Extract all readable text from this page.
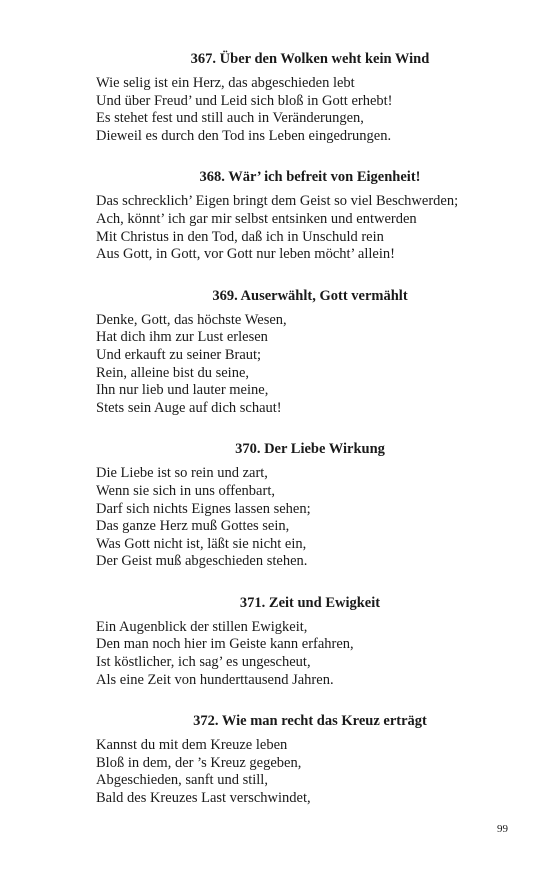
367. Über den Wolken weht kein Wind
Wie selig ist ein Herz, das abgeschieden lebt
Und über Freud’ und Leid sich bloß in Gott erhebt!
Es stehet fest und still auch in Veränderungen,
Dieweil es durch den Tod ins Leben eingedrungen.
368. Wär’ ich befreit von Eigenheit!
Das schrecklich’ Eigen bringt dem Geist so viel Beschwerden;
Ach, könnt’ ich gar mir selbst entsinken und entwerden
Mit Christus in den Tod, daß ich in Unschuld rein
Aus Gott, in Gott, vor Gott nur leben möcht’ allein!
369. Auserwählt, Gott vermählt
Denke, Gott, das höchste Wesen,
Hat dich ihm zur Lust erlesen
Und erkauft zu seiner Braut;
Rein, alleine bist du seine,
Ihn nur lieb und lauter meine,
Stets sein Auge auf dich schaut!
370. Der Liebe Wirkung
Die Liebe ist so rein und zart,
Wenn sie sich in uns offenbart,
Darf sich nichts Eignes lassen sehen;
Das ganze Herz muß Gottes sein,
Was Gott nicht ist, läßt sie nicht ein,
Der Geist muß abgeschieden stehen.
371. Zeit und Ewigkeit
Ein Augenblick der stillen Ewigkeit,
Den man noch hier im Geiste kann erfahren,
Ist köstlicher, ich sag’ es ungescheut,
Als eine Zeit von hunderttausend Jahren.
372. Wie man recht das Kreuz erträgt
Kannst du mit dem Kreuze leben
Bloß in dem, der ’s Kreuz gegeben,
Abgeschieden, sanft und still,
Bald des Kreuzes Last verschwindet,
99
